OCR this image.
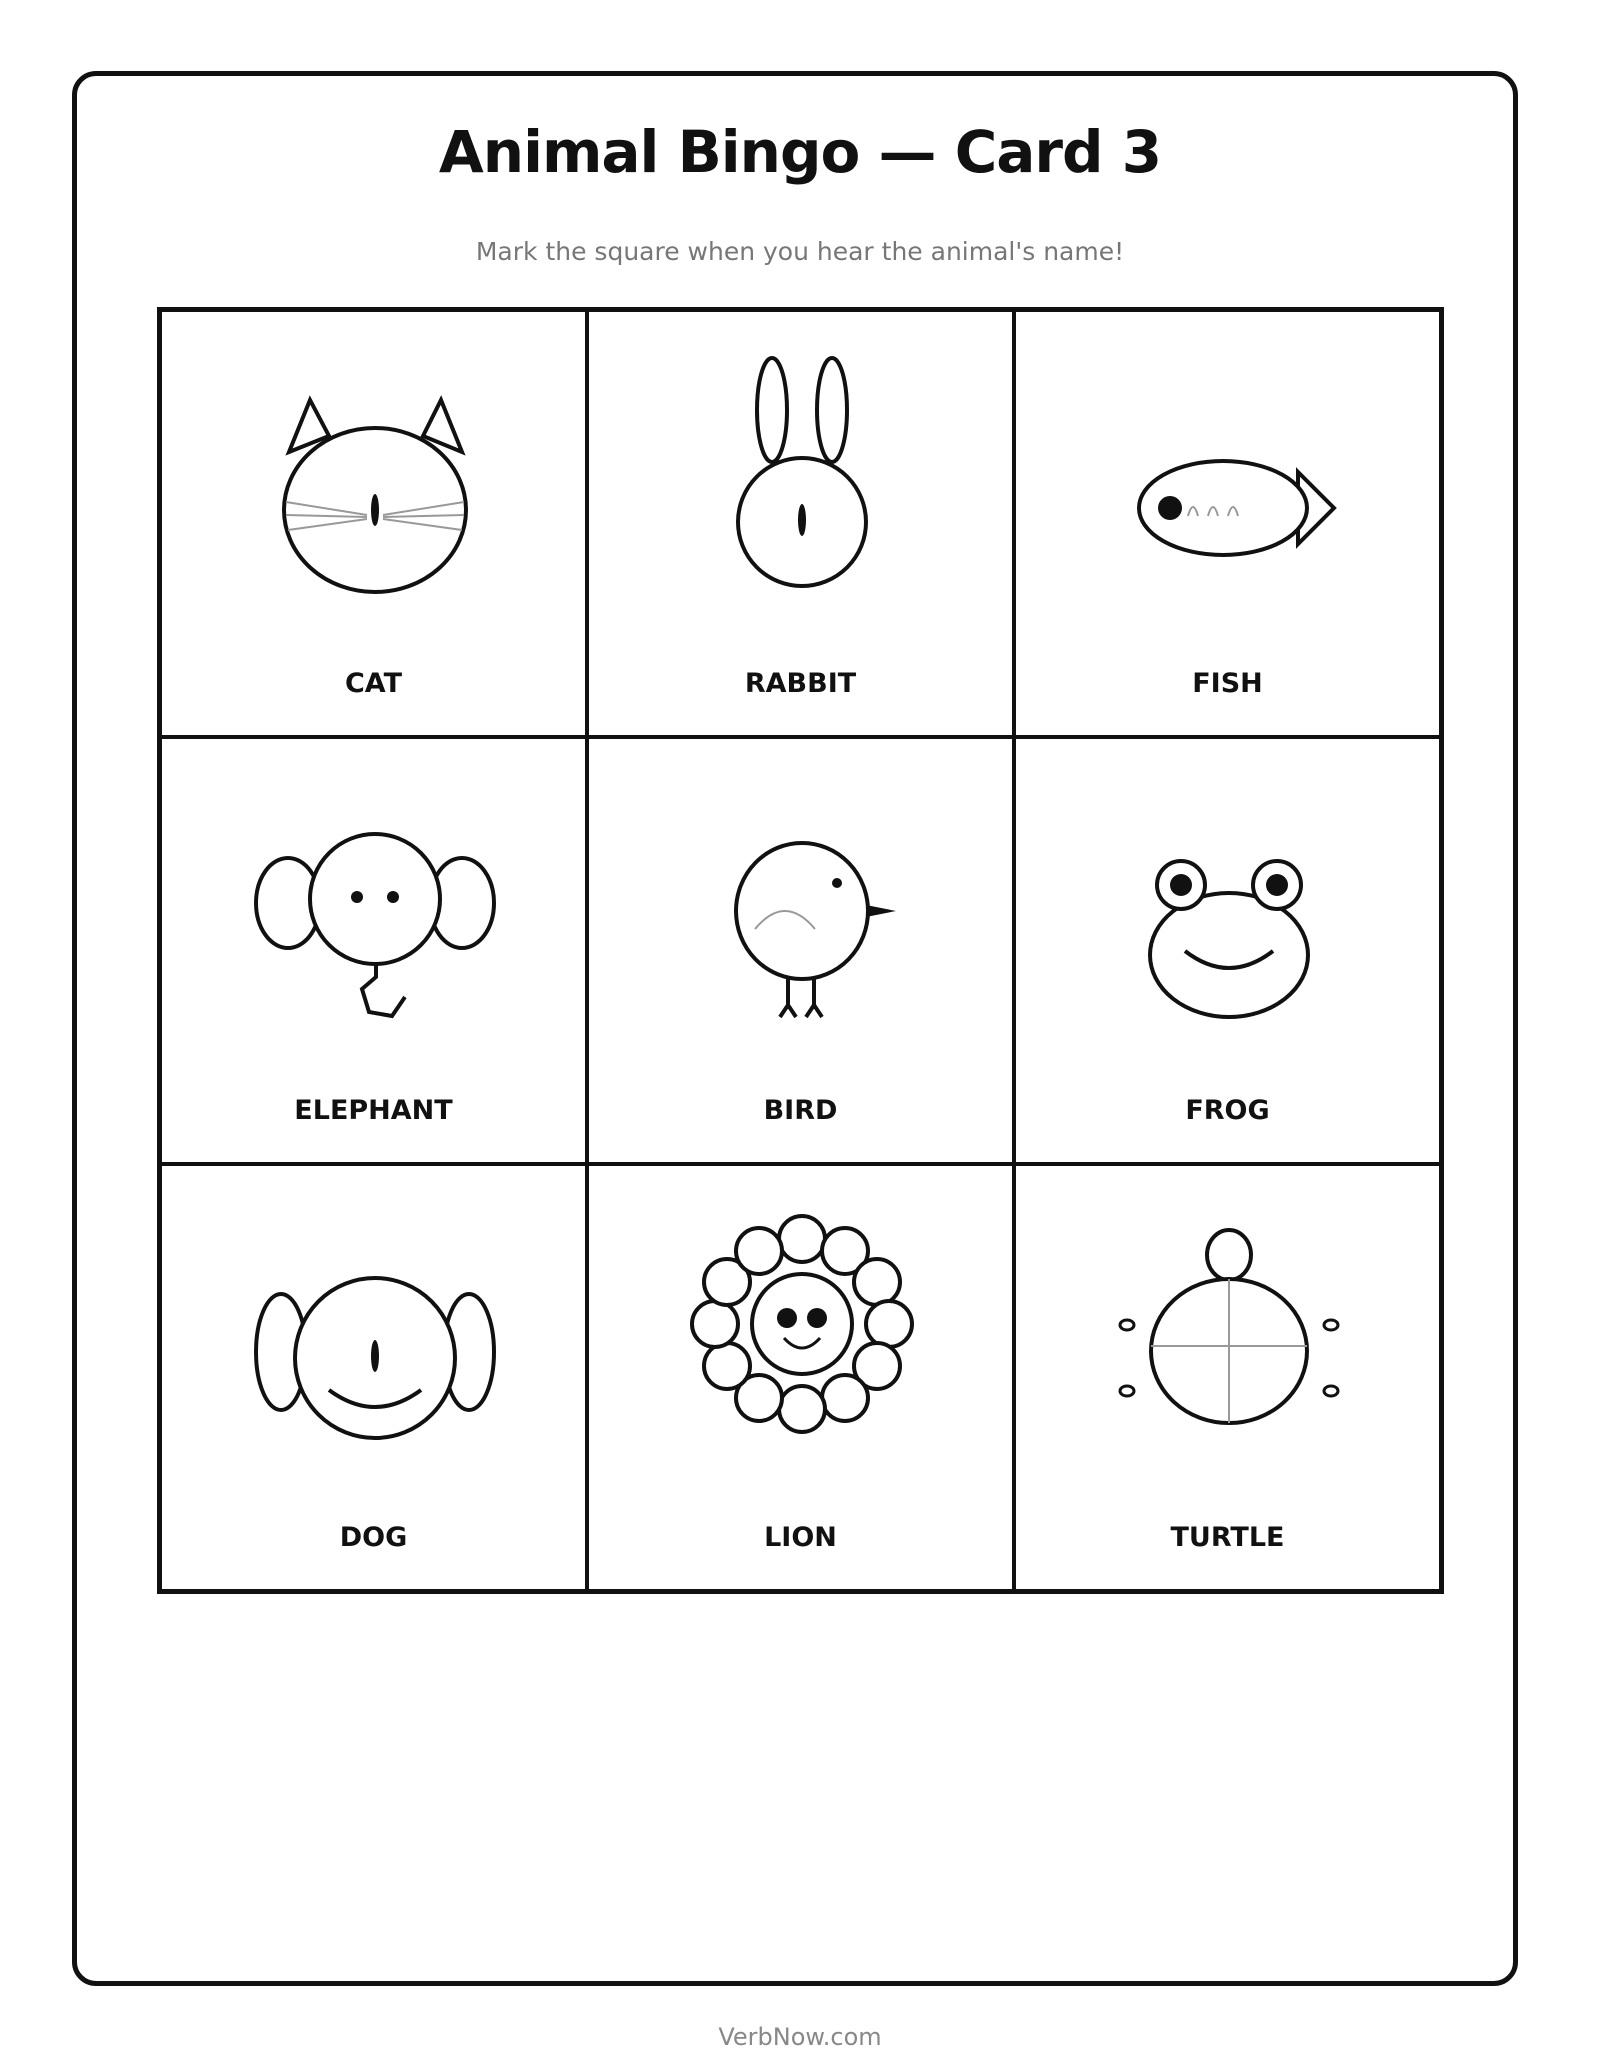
Animal Bingo — Card 3
Mark the square when you hear the animal's name!
CAT	RABBIT	FISH
ELEPHANT	BIRD	FROG
DOG	LION	TURTLE
VerbNow.com
